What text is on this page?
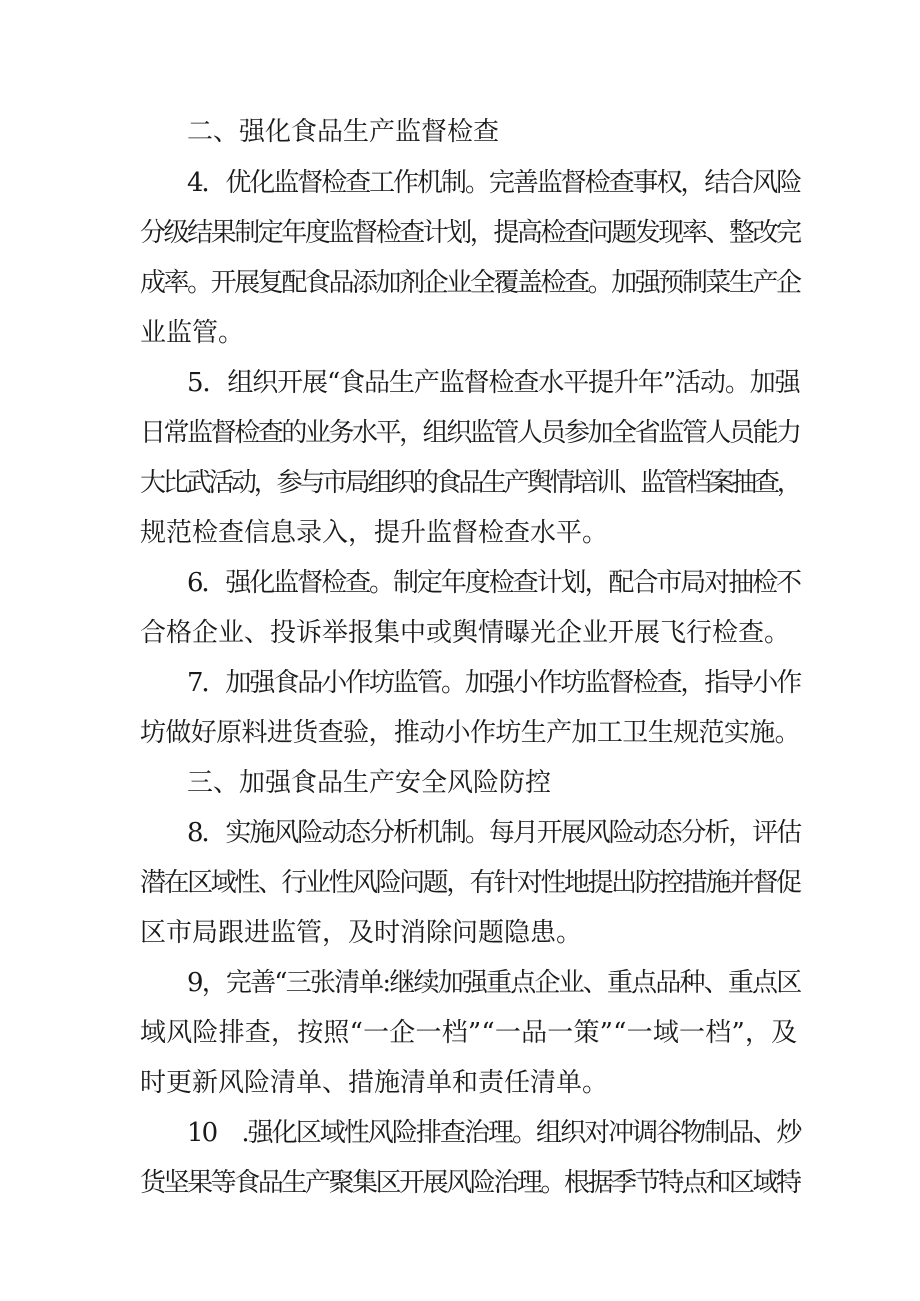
二、强化食品生产监督检查
4．优化监督检查工作机制。完善监督检查事权，结合风险
分级结果制定年度监督检查计划，提高检查问题发现率、整改完
成率。开展复配食品添加剂企业全覆盖检查。加强预制菜生产企
业监管。
5．组织开展“食品生产监督检查水平提升年”活动。加强
日常监督检查的业务水平，组织监管人员参加全省监管人员能力
大比武活动，参与市局组织的食品生产舆情培训、监管档案抽查，
规范检查信息录入，提升监督检查水平。
6．强化监督检查。制定年度检查计划，配合市局对抽检不
合格企业、投诉举报集中或舆情曝光企业开展飞行检查。
7．加强食品小作坊监管。加强小作坊监督检查，指导小作
坊做好原料进货查验，推动小作坊生产加工卫生规范实施。
三、加强食品生产安全风险防控
8．实施风险动态分析机制。每月开展风险动态分析，评估
潜在区域性、行业性风险问题，有针对性地提出防控措施并督促
区市局跟进监管，及时消除问题隐患。
9，完善“三张清单:继续加强重点企业、重点品种、重点区
域风险排查，按照“一企一档”“一品一策”“一域一档”，及
时更新风险清单、措施清单和责任清单。
10    .强化区域性风险排查治理。组织对冲调谷物制品、炒
货坚果等食品生产聚集区开展风险治理。根据季节特点和区域特
